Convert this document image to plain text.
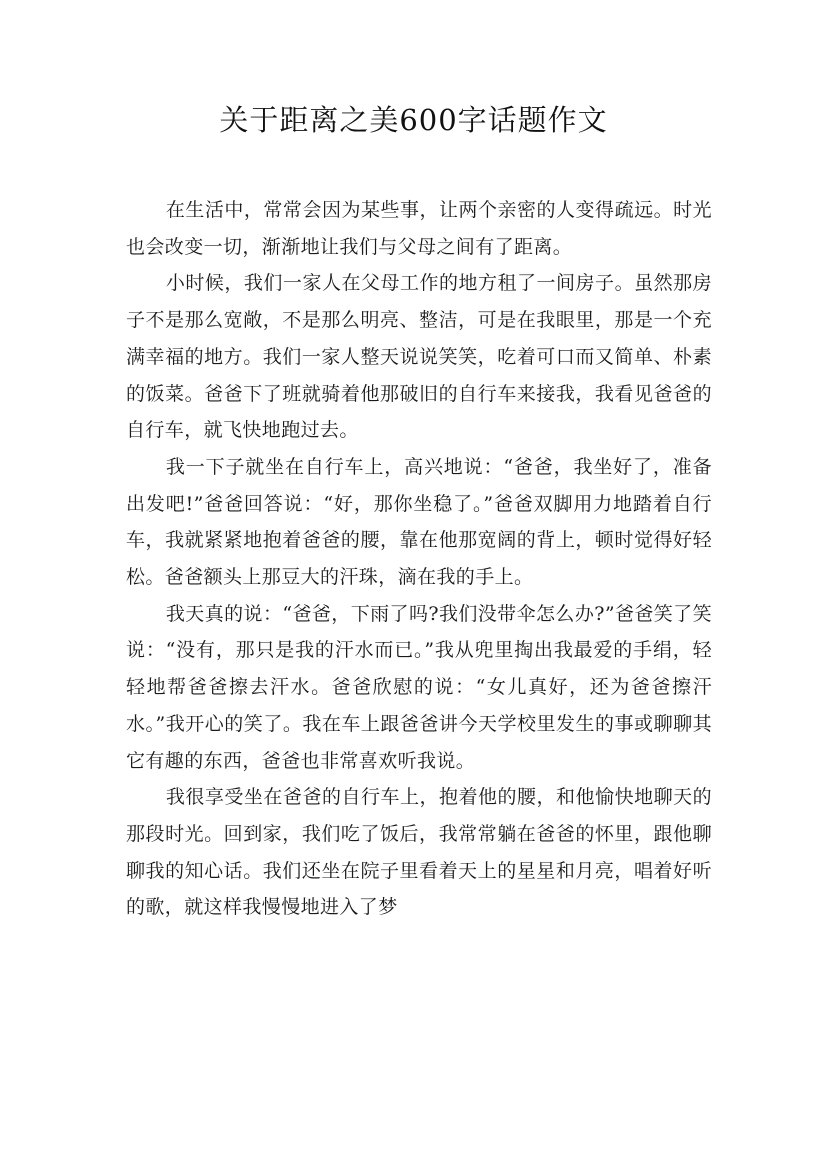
关于距离之美600字话题作文

在生活中，常常会因为某些事，让两个亲密的人变得疏远。时光也会改变一切，渐渐地让我们与父母之间有了距离。

小时候，我们一家人在父母工作的地方租了一间房子。虽然那房子不是那么宽敞，不是那么明亮、整洁，可是在我眼里，那是一个充满幸福的地方。我们一家人整天说说笑笑，吃着可口而又简单、朴素的饭菜。爸爸下了班就骑着他那破旧的自行车来接我，我看见爸爸的自行车，就飞快地跑过去。

我一下子就坐在自行车上，高兴地说：“爸爸，我坐好了，准备出发吧!”爸爸回答说：“好，那你坐稳了。”爸爸双脚用力地踏着自行车，我就紧紧地抱着爸爸的腰，靠在他那宽阔的背上，顿时觉得好轻松。爸爸额头上那豆大的汗珠，滴在我的手上。

我天真的说：“爸爸，下雨了吗?我们没带伞怎么办?”爸爸笑了笑说：“没有，那只是我的汗水而已。”我从兜里掏出我最爱的手绢，轻轻地帮爸爸擦去汗水。爸爸欣慰的说：“女儿真好，还为爸爸擦汗水。”我开心的笑了。我在车上跟爸爸讲今天学校里发生的事或聊聊其它有趣的东西，爸爸也非常喜欢听我说。

我很享受坐在爸爸的自行车上，抱着他的腰，和他愉快地聊天的那段时光。回到家，我们吃了饭后，我常常躺在爸爸的怀里，跟他聊聊我的知心话。我们还坐在院子里看着天上的星星和月亮，唱着好听的歌，就这样我慢慢地进入了梦
